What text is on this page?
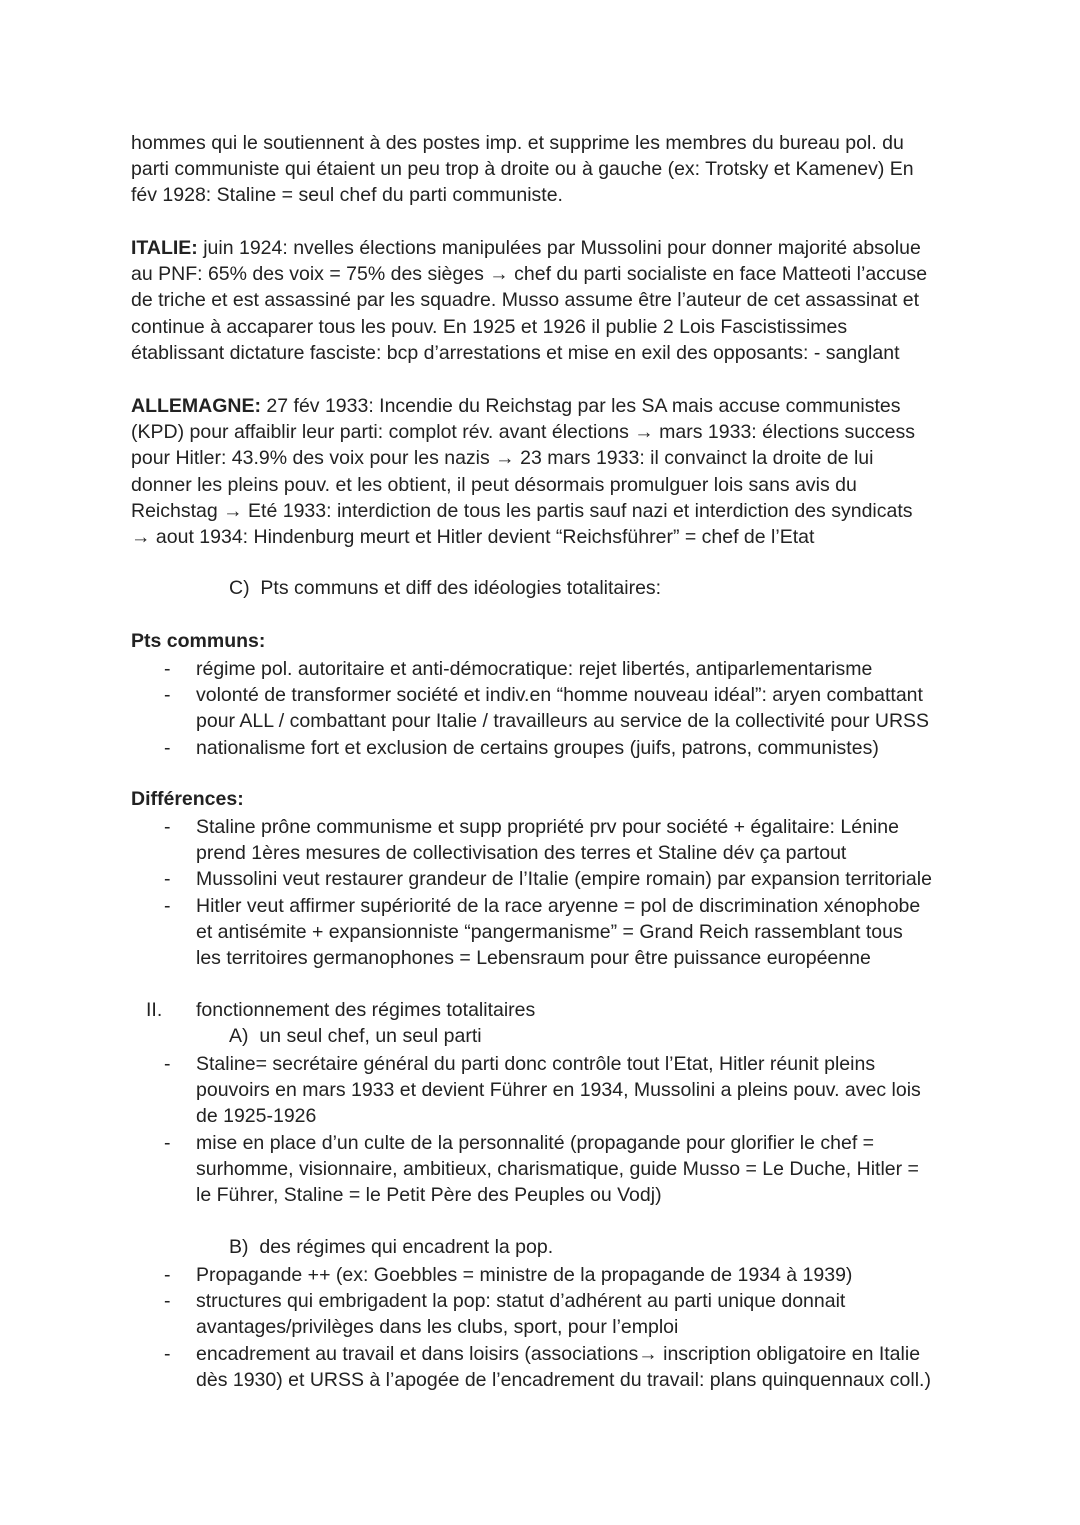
hommes qui le soutiennent à des postes imp. et supprime les membres du bureau pol. du
parti communiste qui étaient un peu trop à droite ou à gauche (ex: Trotsky et Kamenev) En
fév 1928: Staline = seul chef du parti communiste.
ITALIE: juin 1924: nvelles élections manipulées par Mussolini pour donner majorité absolue
au PNF: 65% des voix = 75% des sièges → chef du parti socialiste en face Matteoti l’accuse
de triche et est assassiné par les squadre. Musso assume être l’auteur de cet assassinat et
continue à accaparer tous les pouv. En 1925 et 1926 il publie 2 Lois Fascistissimes
établissant dictature fasciste: bcp d’arrestations et mise en exil des opposants: - sanglant
ALLEMAGNE: 27 fév 1933: Incendie du Reichstag par les SA mais accuse communistes
(KPD) pour affaiblir leur parti: complot rév. avant élections → mars 1933: élections success
pour Hitler: 43.9% des voix pour les nazis → 23 mars 1933: il convainct la droite de lui
donner les pleins pouv. et les obtient, il peut désormais promulguer lois sans avis du
Reichstag → Eté 1933: interdiction de tous les partis sauf nazi et interdiction des syndicats
→ aout 1934: Hindenburg meurt et Hitler devient “Reichsführer” = chef de l’Etat
C) Pts communs et diff des idéologies totalitaires:
Pts communs:
- régime pol. autoritaire et anti-démocratique: rejet libertés, antiparlementarisme
- volonté de transformer société et indiv.en “homme nouveau idéal”: aryen combattant
pour ALL / combattant pour Italie / travailleurs au service de la collectivité pour URSS
- nationalisme fort et exclusion de certains groupes (juifs, patrons, communistes)
Différences:
- Staline prône communisme et supp propriété prv pour société + égalitaire: Lénine
prend 1ères mesures de collectivisation des terres et Staline dév ça partout
- Mussolini veut restaurer grandeur de l’Italie (empire romain) par expansion territoriale
- Hitler veut affirmer supériorité de la race aryenne = pol de discrimination xénophobe
et antisémite + expansionniste “pangermanisme” = Grand Reich rassemblant tous
les territoires germanophones = Lebensraum pour être puissance européenne
II. fonctionnement des régimes totalitaires
A) un seul chef, un seul parti
- Staline= secrétaire général du parti donc contrôle tout l’Etat, Hitler réunit pleins
pouvoirs en mars 1933 et devient Führer en 1934, Mussolini a pleins pouv. avec lois
de 1925-1926
- mise en place d’un culte de la personnalité (propagande pour glorifier le chef =
surhomme, visionnaire, ambitieux, charismatique, guide Musso = Le Duche, Hitler =
le Führer, Staline = le Petit Père des Peuples ou Vodj)
B) des régimes qui encadrent la pop.
- Propagande ++ (ex: Goebbles = ministre de la propagande de 1934 à 1939)
- structures qui embrigadent la pop: statut d’adhérent au parti unique donnait
avantages/privilèges dans les clubs, sport, pour l’emploi
- encadrement au travail et dans loisirs (associations→ inscription obligatoire en Italie
dès 1930) et URSS à l’apogée de l’encadrement du travail: plans quinquennaux coll.)
